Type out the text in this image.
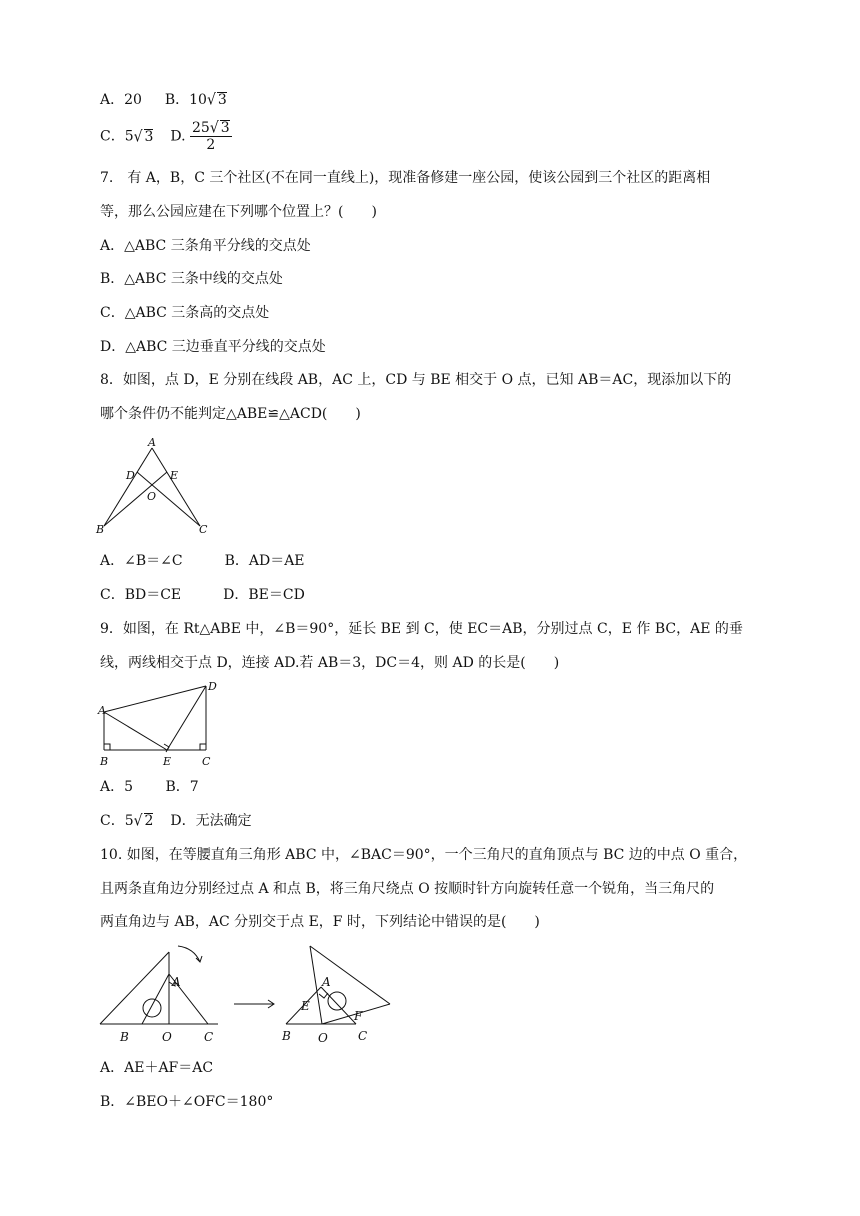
A．20 B．10√ 3
C．5√ 3 D. $\frac{25√ 3}{2}$
7.　有 A，B，C 三个社区(不在同一直线上)，现准备修建一座公园，使该公园到三个社区的距离相
等，那么公园应建在下列哪个位置上？(　　)
A．△ABC 三条角平分线的交点处
B．△ABC 三条中线的交点处
C．△ABC 三条高的交点处
D．△ABC 三边垂直平分线的交点处
8．如图，点 D，E 分别在线段 AB，AC 上，CD 与 BE 相交于 O 点，已知 AB＝AC，现添加以下的
哪个条件仍不能判定△ABE≌△ACD(　　)
A
D	E
O
B	C
A．∠B＝∠C　　　B．AD＝AE
C．BD＝CE　　　D．BE＝CD
9．如图，在 Rt△ABE 中，∠B＝90°，延长 BE 到 C，使 EC＝AB，分别过点 C，E 作 BC，AE 的垂
线，两线相交于点 D，连接 AD.若 AB＝3，DC＝4，则 AD 的长是(　　)
A
D
B	E	C
A．5　　 B．7
C．5√ 2 D．无法确定
10. 如图，在等腰直角三角形 ABC 中，∠BAC＝90°，一个三角尺的直角顶点与 BC 边的中点 O 重合，
且两条直角边分别经过点 A 和点 B，将三角尺绕点 O 按顺时针方向旋转任意一个锐角，当三角尺的
两直角边与 AB，AC 分别交于点 E，F 时，下列结论中错误的是(　　)
A
B	O	C
E
A
F
B O	C
A．AE＋AF＝AC
B．∠BEO＋∠OFC＝180°
